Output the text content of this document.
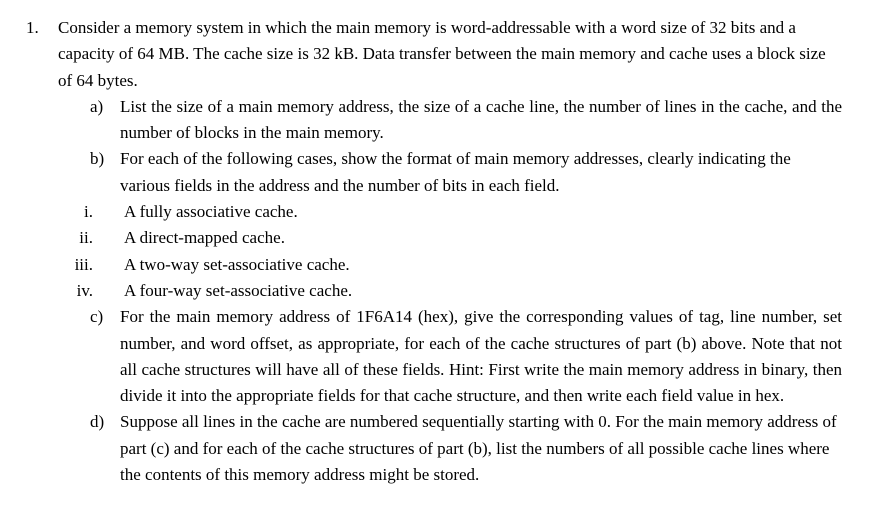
1. Consider a memory system in which the main memory is word-addressable with a word size of 32 bits and a capacity of 64 MB. The cache size is 32 kB. Data transfer between the main memory and cache uses a block size of 64 bytes.
a) List the size of a main memory address, the size of a cache line, the number of lines in the cache, and the number of blocks in the main memory.
b) For each of the following cases, show the format of main memory addresses, clearly indicating the various fields in the address and the number of bits in each field.
i. A fully associative cache.
ii. A direct-mapped cache.
iii. A two-way set-associative cache.
iv. A four-way set-associative cache.
c) For the main memory address of 1F6A14 (hex), give the corresponding values of tag, line number, set number, and word offset, as appropriate, for each of the cache structures of part (b) above. Note that not all cache structures will have all of these fields. Hint: First write the main memory address in binary, then divide it into the appropriate fields for that cache structure, and then write each field value in hex.
d) Suppose all lines in the cache are numbered sequentially starting with 0. For the main memory address of part (c) and for each of the cache structures of part (b), list the numbers of all possible cache lines where the contents of this memory address might be stored.
